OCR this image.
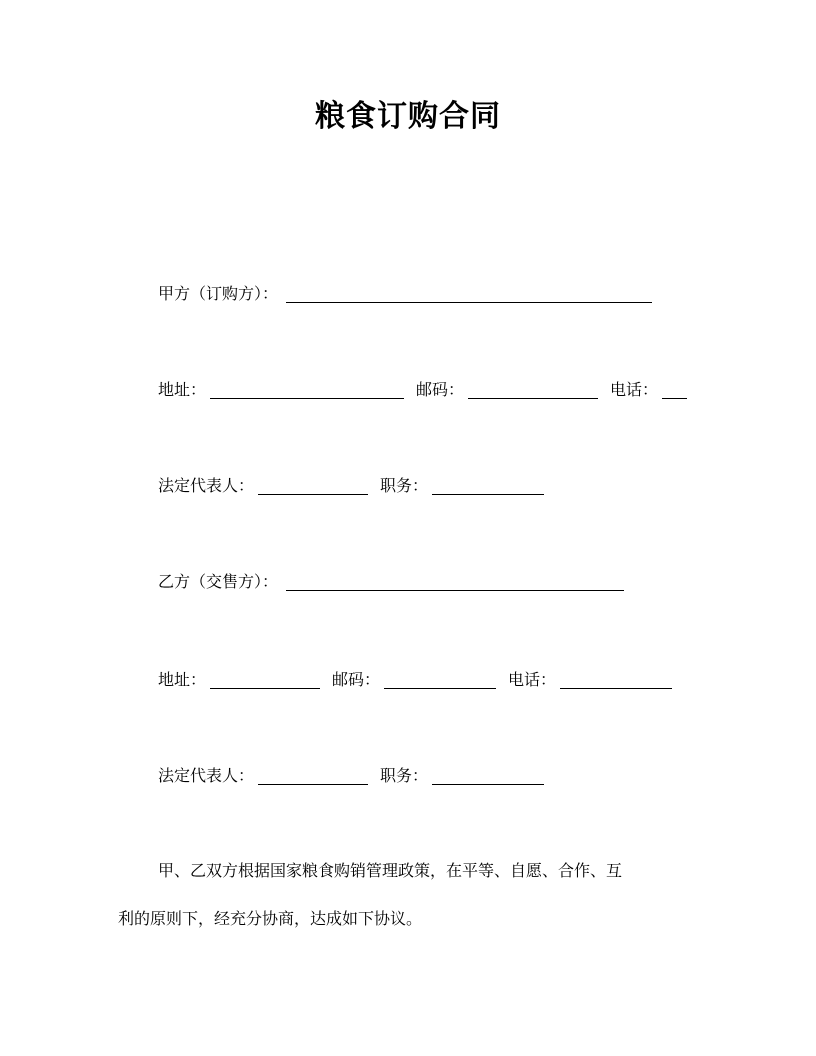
粮食订购合同
甲方（订购方）：
地址：	邮码：	电话：
法定代表人：	职务：
乙方（交售方）：
地址：	邮码：	电话：
法定代表人：	职务：
甲、乙双方根据国家粮食购销管理政策，在平等、自愿、合作、互
利的原则下，经充分协商，达成如下协议。
